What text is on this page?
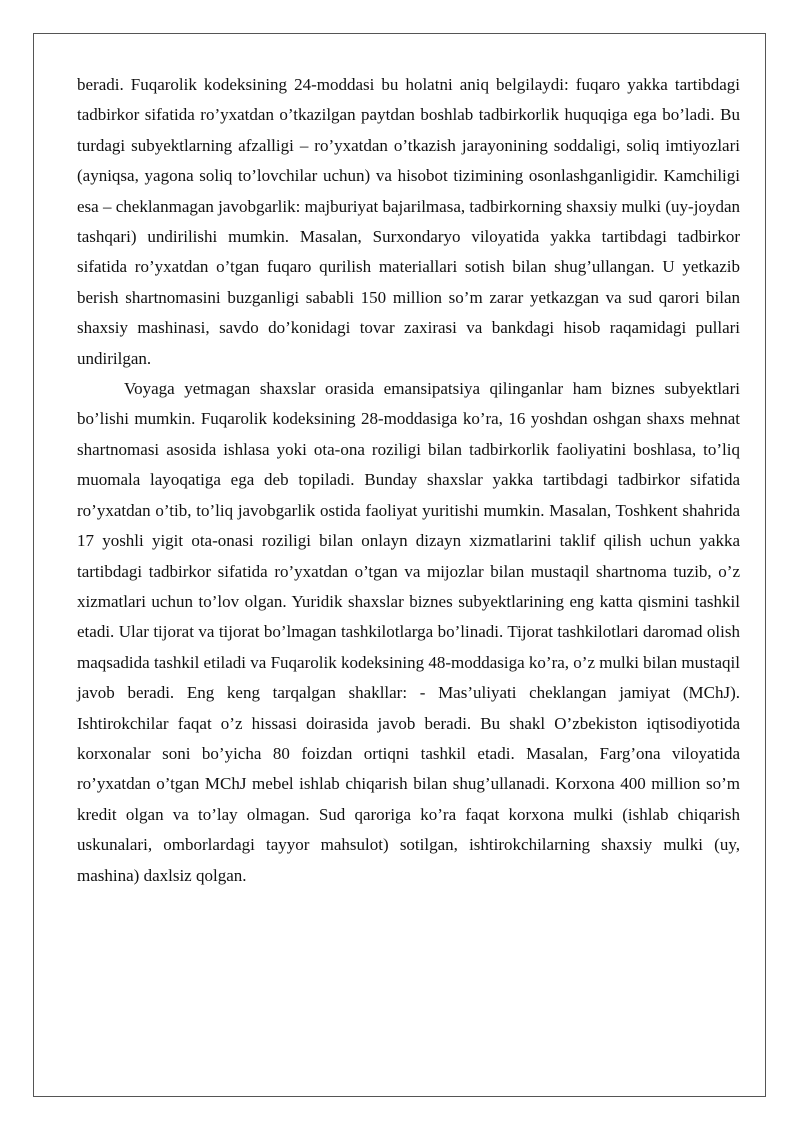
beradi. Fuqarolik kodeksining 24-moddasi bu holatni aniq belgilaydi: fuqaro yakka tartibdagi tadbirkor sifatida ro’yxatdan o’tkazilgan paytdan boshlab tadbirkorlik huquqiga ega bo’ladi. Bu turdagi subyektlarning afzalligi – ro’yxatdan o’tkazish jarayonining soddaligi, soliq imtiyozlari (ayniqsa, yagona soliq to’lovchilar uchun) va hisobot tizimining osonlashganligidir. Kamchiligi esa – cheklanmagan javobgarlik: majburiyat bajarilmasa, tadbirkorning shaxsiy mulki (uy-joydan tashqari) undirilishi mumkin. Masalan, Surxondaryo viloyatida yakka tartibdagi tadbirkor sifatida ro’yxatdan o’tgan fuqaro qurilish materiallari sotish bilan shug’ullangan. U yetkazib berish shartnomasini buzganligi sababli 150 million so’m zarar yetkazgan va sud qarori bilan shaxsiy mashinasi, savdo do’konidagi tovar zaxirasi va bankdagi hisob raqamidagi pullari undirilgan.

Voyaga yetmagan shaxslar orasida emansipatsiya qilinganlar ham biznes subyektlari bo’lishi mumkin. Fuqarolik kodeksining 28-moddasiga ko’ra, 16 yoshdan oshgan shaxs mehnat shartnomasi asosida ishlasa yoki ota-ona roziligi bilan tadbirkorlik faoliyatini boshlasa, to’liq muomala layoqatiga ega deb topiladi. Bunday shaxslar yakka tartibdagi tadbirkor sifatida ro’yxatdan o’tib, to’liq javobgarlik ostida faoliyat yuritishi mumkin. Masalan, Toshkent shahrida 17 yoshli yigit ota-onasi roziligi bilan onlayn dizayn xizmatlarini taklif qilish uchun yakka tartibdagi tadbirkor sifatida ro’yxatdan o’tgan va mijozlar bilan mustaqil shartnoma tuzib, o’z xizmatlari uchun to’lov olgan. Yuridik shaxslar biznes subyektlarining eng katta qismini tashkil etadi. Ular tijorat va tijorat bo’lmagan tashkilotlarga bo’linadi. Tijorat tashkilotlari daromad olish maqsadida tashkil etiladi va Fuqarolik kodeksining 48-moddasiga ko’ra, o’z mulki bilan mustaqil javob beradi. Eng keng tarqalgan shakllar: - Mas’uliyati cheklangan jamiyat (MChJ). Ishtirokchilar faqat o’z hissasi doirasida javob beradi. Bu shakl O’zbekiston iqtisodiyotida korxonalar soni bo’yicha 80 foizdan ortiqni tashkil etadi. Masalan, Farg’ona viloyatida ro’yxatdan o’tgan MChJ mebel ishlab chiqarish bilan shug’ullanadi. Korxona 400 million so’m kredit olgan va to’lay olmagan. Sud qaroriga ko’ra faqat korxona mulki (ishlab chiqarish uskunalari, omborlardagi tayyor mahsulot) sotilgan, ishtirokchilarning shaxsiy mulki (uy, mashina) daxlsiz qolgan.
